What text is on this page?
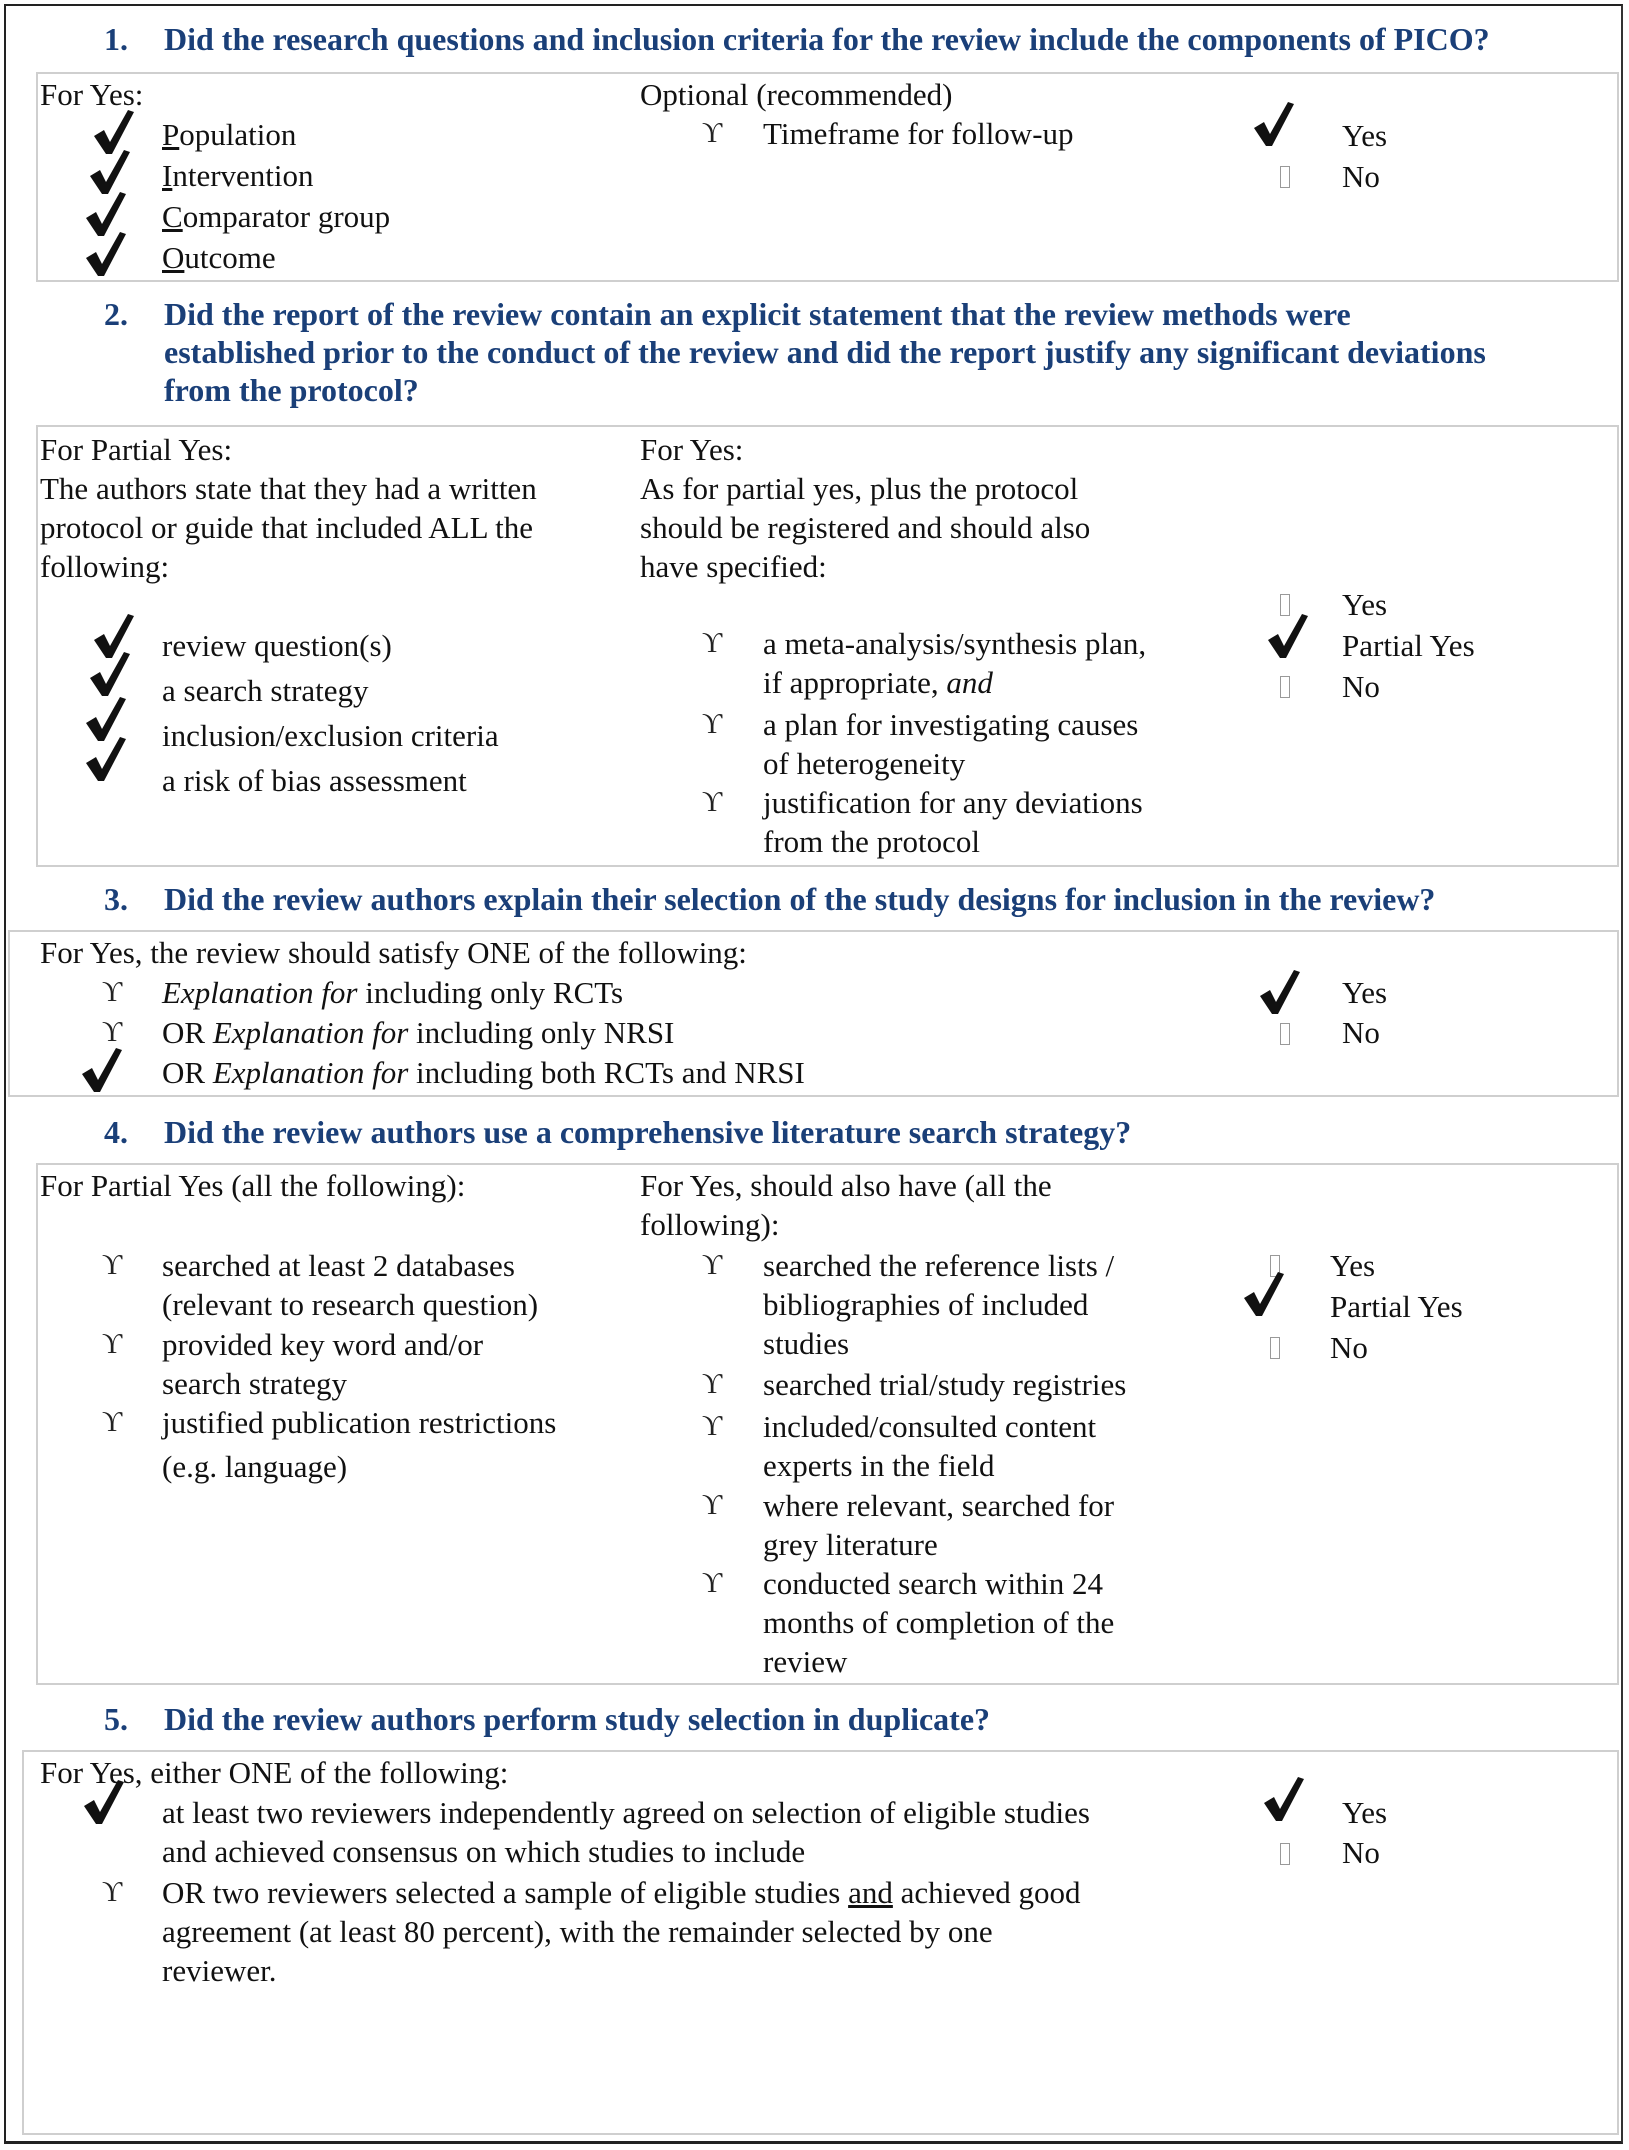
1. Did the research questions and inclusion criteria for the review include the components of PICO?
For Yes:
Population
Intervention
Comparator group
Outcome
Optional (recommended)
ϒ Timeframe for follow-up	Yes
No
2. Did the report of the review contain an explicit statement that the review methods were
established prior to the conduct of the review and did the report justify any significant deviations
from the protocol?
For Partial Yes:
The authors state that they had a written
protocol or guide that included ALL the
following:
review question(s)
a search strategy
inclusion/exclusion criteria
a risk of bias assessment
For Yes:
As for partial yes, plus the protocol
should be registered and should also
have specified:
ϒ a meta-analysis/synthesis plan,
if appropriate, and
ϒ a plan for investigating causes
of heterogeneity
ϒ justification for any deviations
from the protocol
Yes
Partial Yes
No
3. Did the review authors explain their selection of the study designs for inclusion in the review?
For Yes, the review should satisfy ONE of the following:
ϒ Explanation for including only RCTs
ϒ OR Explanation for including only NRSI
OR Explanation for including both RCTs and NRSI
Yes
No
4. Did the review authors use a comprehensive literature search strategy?
For Partial Yes (all the following):
ϒ searched at least 2 databases
(relevant to research question)
ϒ provided key word and/or
search strategy
ϒ justified publication restrictions
(e.g. language)
For Yes, should also have (all the
following):
ϒ searched the reference lists /
bibliographies of included
studies
ϒ searched trial/study registries
ϒ included/consulted content
experts in the field
ϒ where relevant, searched for
grey literature
ϒ conducted search within 24
months of completion of the
review
Yes
Partial Yes
No
5. Did the review authors perform study selection in duplicate?
For Yes, either ONE of the following:
at least two reviewers independently agreed on selection of eligible studies
and achieved consensus on which studies to include
ϒ OR two reviewers selected a sample of eligible studies and achieved good
agreement (at least 80 percent), with the remainder selected by one
reviewer.
Yes
No
